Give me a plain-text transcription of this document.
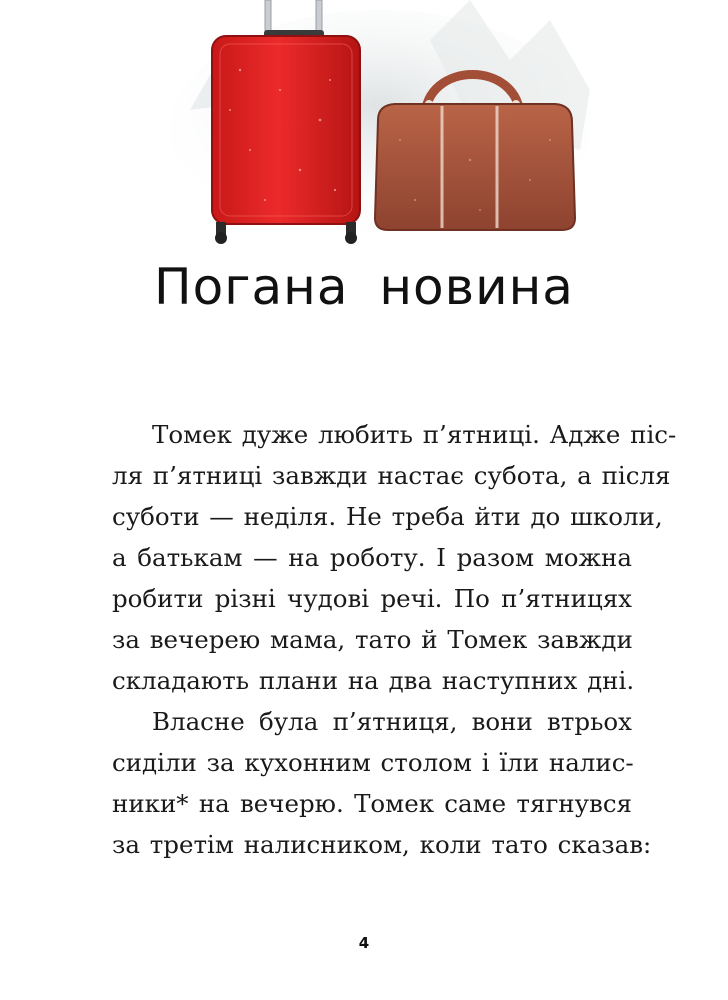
Погана новина
Томек дуже любить п’ятниці. Адже піс-
ля п’ятниці завжди настає субота, а після
суботи — неділя. Не треба йти до школи,
а батькам — на роботу. І разом можна
робити різні чудові речі. По п’ятницях
за вечерею мама, тато й Томек завжди
складають плани на два наступних дні.
Власне була п’ятниця, вони втрьох
сиділи за кухонним столом і їли налис-
ники* на вечерю. Томек саме тягнувся
за третім налисником, коли тато сказав:
4
